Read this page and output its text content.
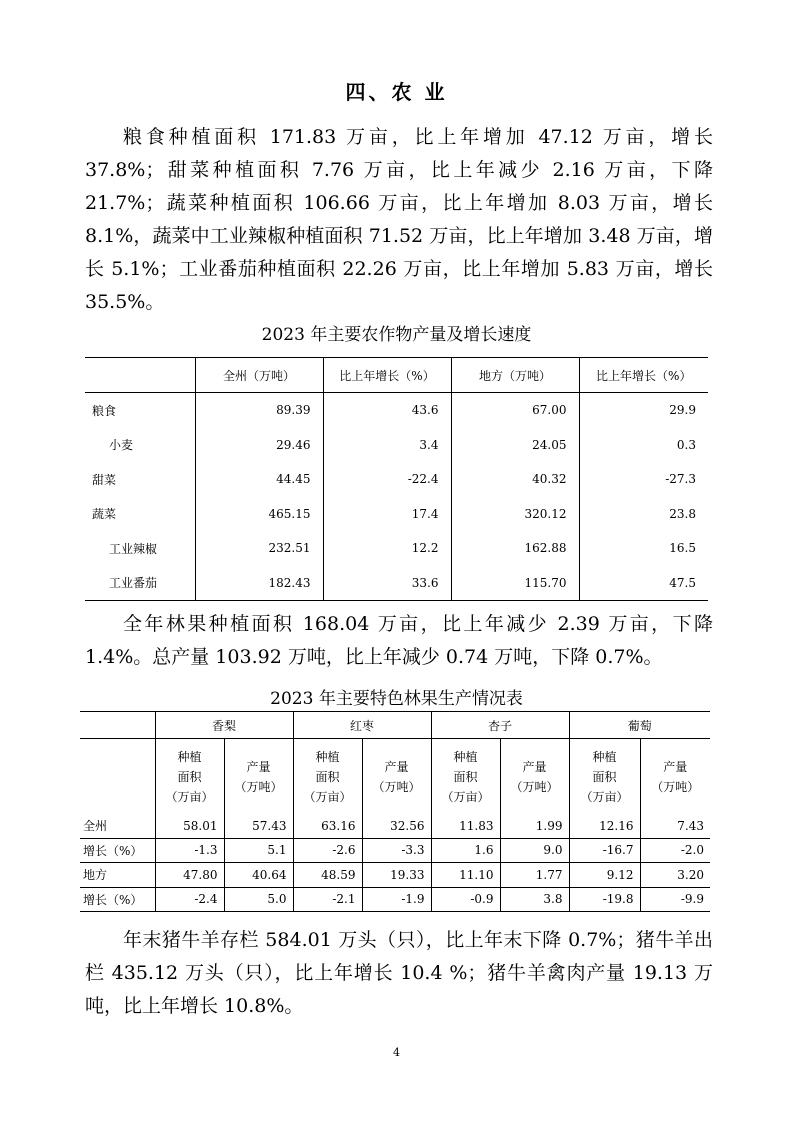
四、农 业

粮食种植面积 171.83 万亩，比上年增加 47.12 万亩，增长 37.8%；甜菜种植面积 7.76 万亩，比上年减少 2.16 万亩，下降 21.7%；蔬菜种植面积 106.66 万亩，比上年增加 8.03 万亩，增长 8.1%，蔬菜中工业辣椒种植面积 71.52 万亩，比上年增加 3.48 万亩，增长 5.1%；工业番茄种植面积 22.26 万亩，比上年增加 5.83 万亩，增长 35.5%。

2023 年主要农作物产量及增长速度
	全州（万吨）	比上年增长（%）	地方（万吨）	比上年增长（%）
粮食	89.39	43.6	67.00	29.9
小麦	29.46	3.4	24.05	0.3
甜菜	44.45	-22.4	40.32	-27.3
蔬菜	465.15	17.4	320.12	23.8
工业辣椒	232.51	12.2	162.88	16.5
工业番茄	182.43	33.6	115.70	47.5

全年林果种植面积 168.04 万亩，比上年减少 2.39 万亩，下降 1.4%。总产量 103.92 万吨，比上年减少 0.74 万吨，下降 0.7%。

2023 年主要特色林果生产情况表
	香梨		红枣		杏子		葡萄	
	种植
面积
（万亩）	产量
（万吨）	种植
面积
（万亩）	产量
（万吨）	种植
面积
（万亩）	产量
（万吨）	种植
面积
（万亩）	产量
（万吨）
全州	58.01	57.43	63.16	32.56	11.83	1.99	12.16	7.43
增长（%）	-1.3	5.1	-2.6	-3.3	1.6	9.0	-16.7	-2.0
地方	47.80	40.64	48.59	19.33	11.10	1.77	9.12	3.20
增长（%）	-2.4	5.0	-2.1	-1.9	-0.9	3.8	-19.8	-9.9

年末猪牛羊存栏 584.01 万头（只），比上年末下降 0.7%；猪牛羊出栏 435.12 万头（只），比上年增长 10.4 %；猪牛羊禽肉产量 19.13 万吨，比上年增长 10.8%。

4
